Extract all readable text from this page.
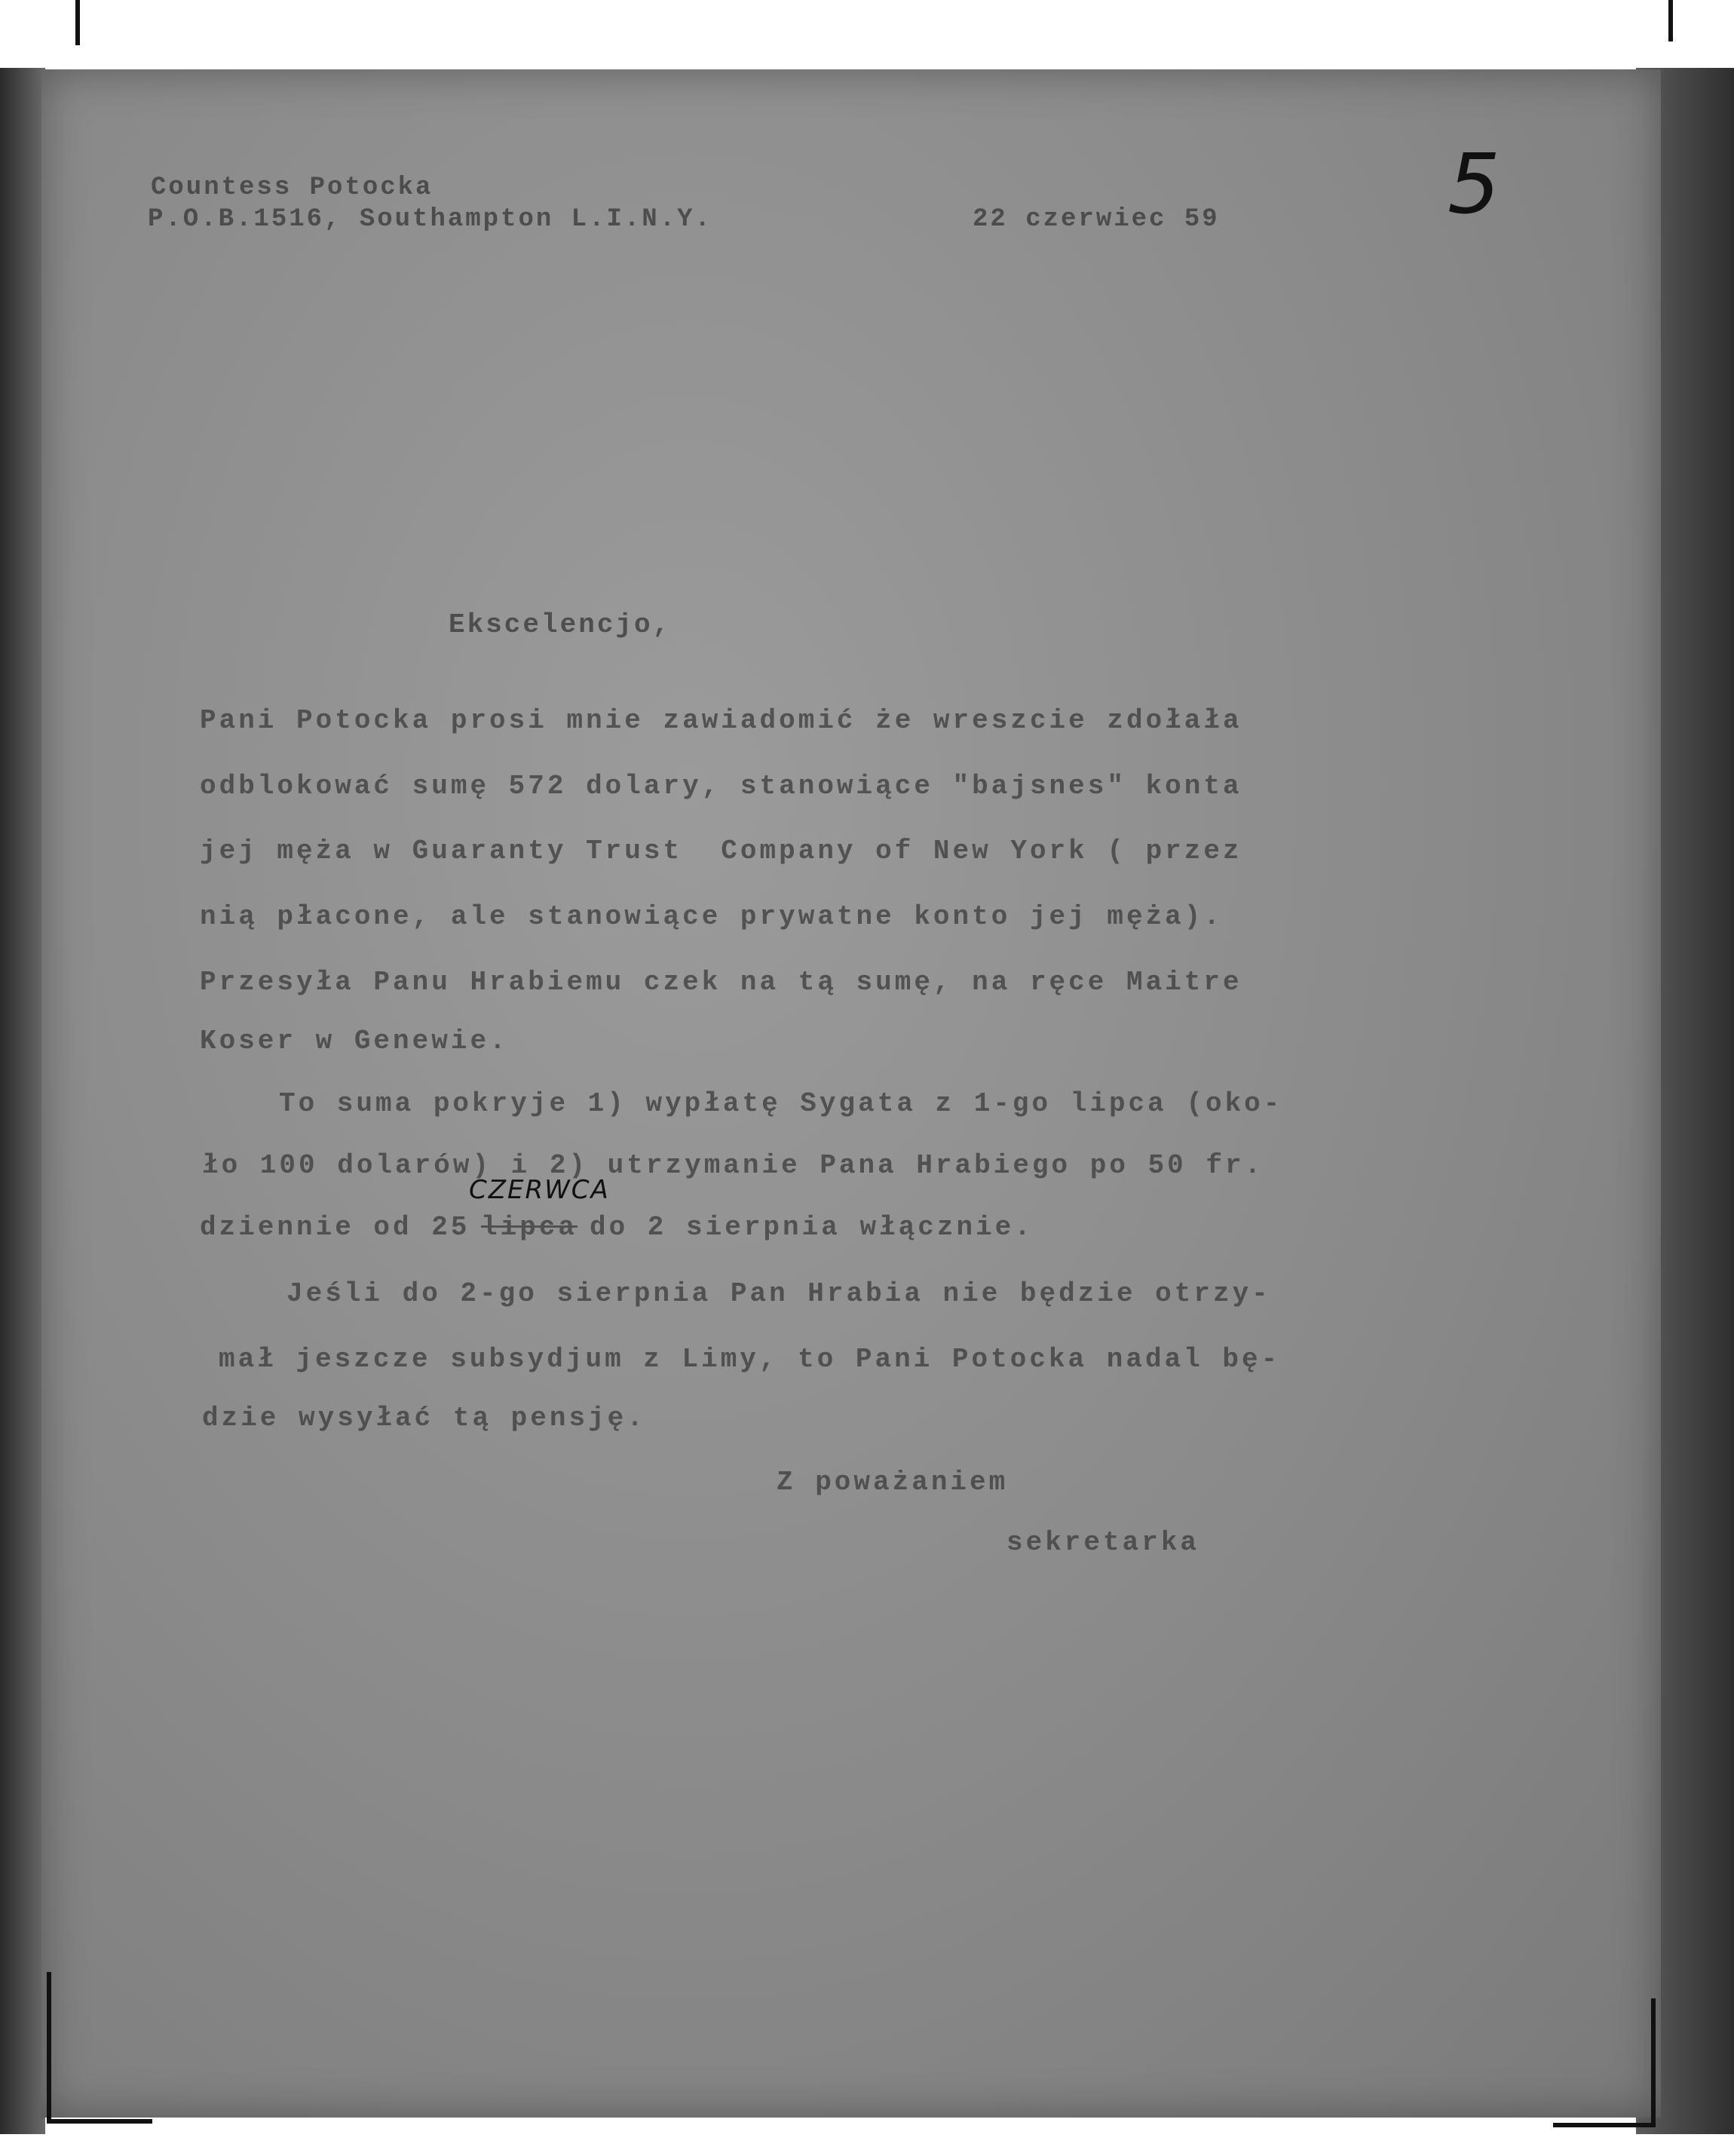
Countess Potocka
P.O.B.1516, Southampton L.I.N.Y.	22 czerwiec 59	5
Ekscelencjo,
Pani Potocka prosi mnie zawiadomić że wreszcie zdołała
odblokować sumę 572 dolary, stanowiące "bajsnes" konta
jej męża w Guaranty Trust  Company of New York ( przez
nią płacone, ale stanowiące prywatne konto jej męża).
Przesyła Panu Hrabiemu czek na tą sumę, na ręce Maitre
Koser w Genewie.
To suma pokryje 1) wypłatę Sygata z 1-go lipca (oko-
ło 100 dolarów) i 2) utrzymanie Pana Hrabiego po 50 fr.
dziennie od 25
CZERWCA
lipca do 2 sierpnia włącznie.
Jeśli do 2-go sierpnia Pan Hrabia nie będzie otrzy-
mał jeszcze subsydjum z Limy, to Pani Potocka nadal bę-
dzie wysyłać tą pensję.
Z poważaniem
sekretarka
